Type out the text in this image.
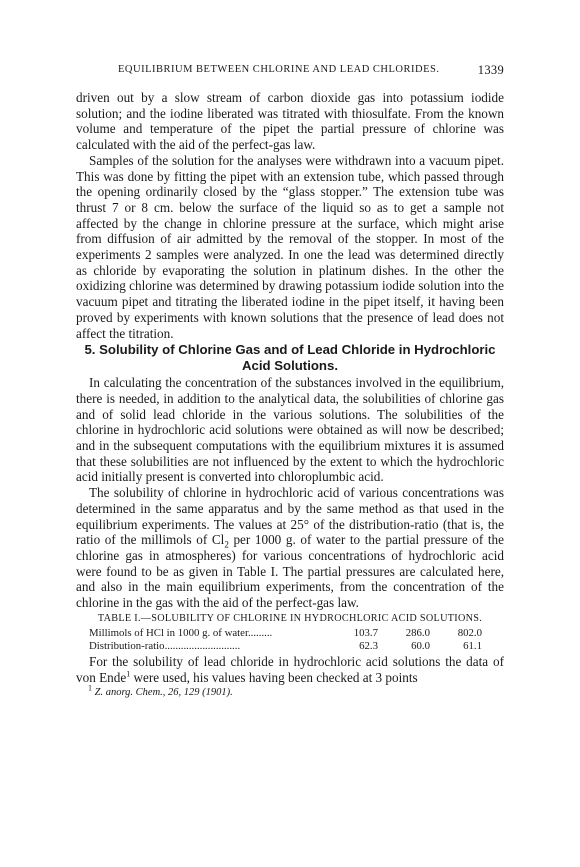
EQUILIBRIUM BETWEEN CHLORINE AND LEAD CHLORIDES.	1339

driven out by a slow stream of carbon dioxide gas into potassium iodide solution; and the iodine liberated was titrated with thiosulfate. From the known volume and temperature of the pipet the partial pressure of chlorine was calculated with the aid of the perfect-gas law.

Samples of the solution for the analyses were withdrawn into a vacuum pipet. This was done by fitting the pipet with an extension tube, which passed through the opening ordinarily closed by the “glass stopper.” The extension tube was thrust 7 or 8 cm. below the surface of the liquid so as to get a sample not affected by the change in chlorine pressure at the surface, which might arise from diffusion of air admitted by the removal of the stopper. In most of the experiments 2 samples were analyzed. In one the lead was determined directly as chloride by evaporating the solution in platinum dishes. In the other the oxidizing chlorine was determined by drawing potassium iodide solution into the vacuum pipet and titrating the liberated iodine in the pipet itself, it having been proved by experiments with known solutions that the presence of lead does not affect the titration.

5. Solubility of Chlorine Gas and of Lead Chloride in Hydrochloric Acid Solutions.

In calculating the concentration of the substances involved in the equilibrium, there is needed, in addition to the analytical data, the solubilities of chlorine gas and of solid lead chloride in the various solutions. The solubilities of the chlorine in hydrochloric acid solutions were obtained as will now be described; and in the subsequent computations with the equilibrium mixtures it is assumed that these solubilities are not influenced by the extent to which the hydrochloric acid initially present is converted into chloroplumbic acid.

The solubility of chlorine in hydrochloric acid of various concentrations was determined in the same apparatus and by the same method as that used in the equilibrium experiments. The values at 25° of the distribution-ratio (that is, the ratio of the millimols of $Cl_2$ per 1000 g. of water to the partial pressure of the chlorine gas in atmospheres) for various concentrations of hydrochloric acid were found to be as given in Table I. The partial pressures are calculated here, and also in the main equilibrium experiments, from the concentration of the chlorine in the gas with the aid of the perfect-gas law.

TABLE I.—SOLUBILITY OF CHLORINE IN HYDROCHLORIC ACID SOLUTIONS.
Millimols of HCl in 1000 g. of water.........	103.7	286.0	802.0
Distribution-ratio............................	62.3	60.0	61.1

For the solubility of lead chloride in hydrochloric acid solutions the data of von Ende$^1$ were used, his values having been checked at 3 points

$^1$ Z. anorg. Chem., 26, 129 (1901).
